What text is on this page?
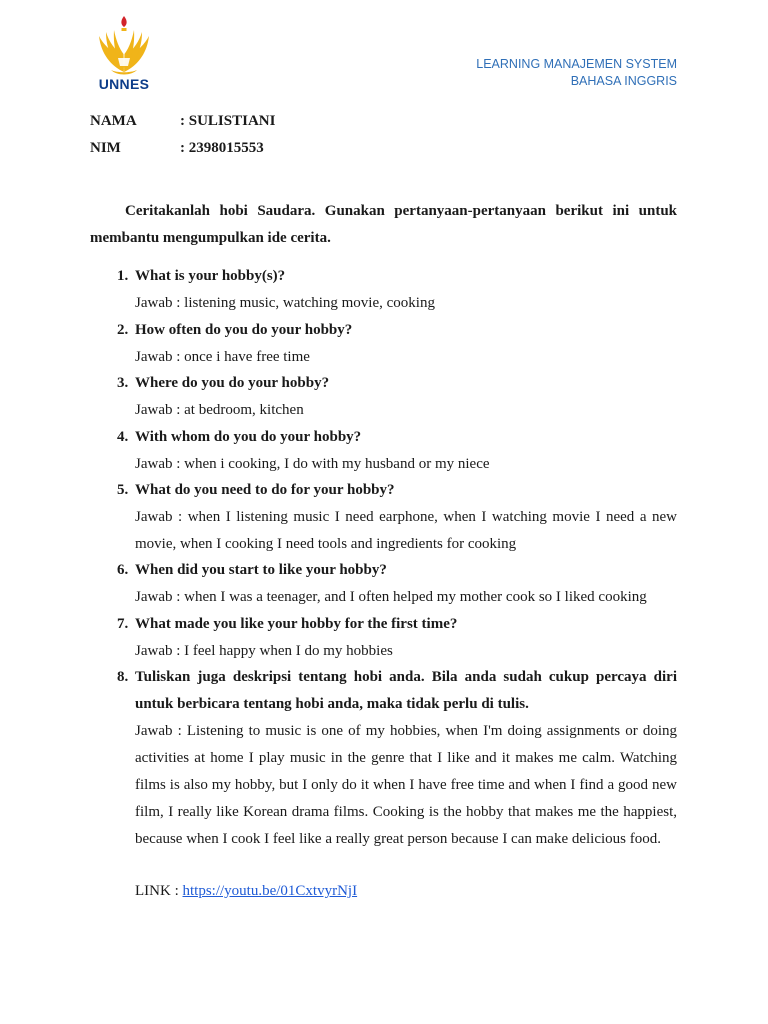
UNNES
LEARNING MANAJEMEN SYSTEM
BAHASA INGGRIS
NAMA	: SULISTIANI
NIM	: 2398015553
Ceritakanlah hobi Saudara. Gunakan pertanyaan-pertanyaan berikut ini untuk membantu mengumpulkan ide cerita.
1. What is your hobby(s)?
Jawab : listening music, watching movie, cooking
2. How often do you do your hobby?
Jawab : once i have free time
3. Where do you do your hobby?
Jawab : at bedroom, kitchen
4. With whom do you do your hobby?
Jawab : when i cooking, I do with my husband or my niece
5. What do you need to do for your hobby?
Jawab : when I listening music I need earphone, when I watching movie I need a new movie, when I cooking I need tools and ingredients for cooking
6. When did you start to like your hobby?
Jawab : when I was a teenager, and I often helped my mother cook so I liked cooking
7. What made you like your hobby for the first time?
Jawab : I feel happy when I do my hobbies
8. Tuliskan juga deskripsi tentang hobi anda. Bila anda sudah cukup percaya diri untuk berbicara tentang hobi anda, maka tidak perlu di tulis.
Jawab : Listening to music is one of my hobbies, when I'm doing assignments or doing activities at home I play music in the genre that I like and it makes me calm. Watching films is also my hobby, but I only do it when I have free time and when I find a good new film, I really like Korean drama films. Cooking is the hobby that makes me the happiest, because when I cook I feel like a really great person because I can make delicious food.
LINK : https://youtu.be/01CxtvyrNjI
